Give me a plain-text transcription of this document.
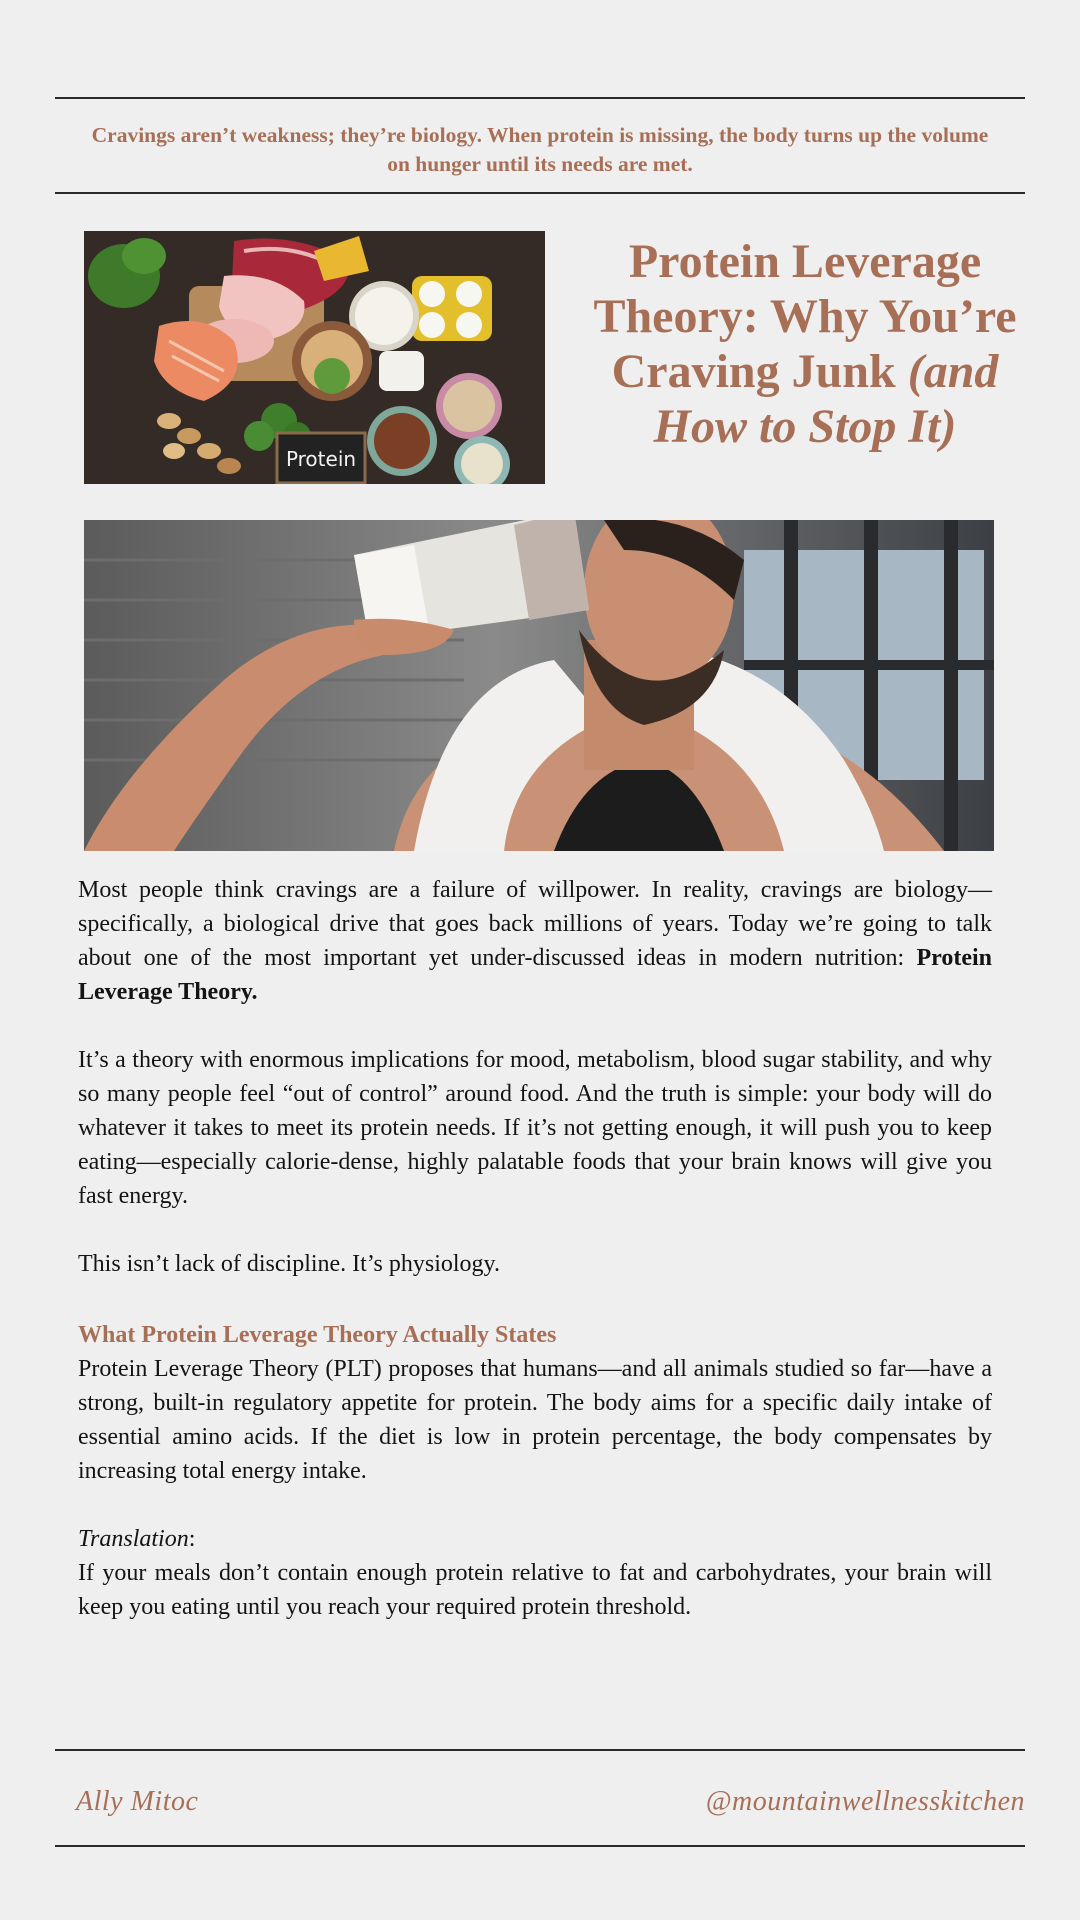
Cravings aren’t weakness; they’re biology. When protein is missing, the body turns up the volume on hunger until its needs are met.
Protein
Protein Leverage Theory: Why You’re Craving Junk (and How to Stop It)

Most people think cravings are a failure of willpower. In reality, cravings are biology—specifically, a biological drive that goes back millions of years. Today we’re going to talk about one of the most important yet under-discussed ideas in modern nutrition: Protein Leverage Theory.

It’s a theory with enormous implications for mood, metabolism, blood sugar stability, and why so many people feel “out of control” around food. And the truth is simple: your body will do whatever it takes to meet its protein needs. If it’s not getting enough, it will push you to keep eating—especially calorie-dense, highly palatable foods that your brain knows will give you fast energy.

This isn’t lack of discipline. It’s physiology.

What Protein Leverage Theory Actually States

Protein Leverage Theory (PLT) proposes that humans—and all animals studied so far—have a strong, built-in regulatory appetite for protein. The body aims for a specific daily intake of essential amino acids. If the diet is low in protein percentage, the body compensates by increasing total energy intake.

Translation:

If your meals don’t contain enough protein relative to fat and carbohydrates, your brain will keep you eating until you reach your required protein threshold.

Ally Mitoc	@mountainwellnesskitchen
